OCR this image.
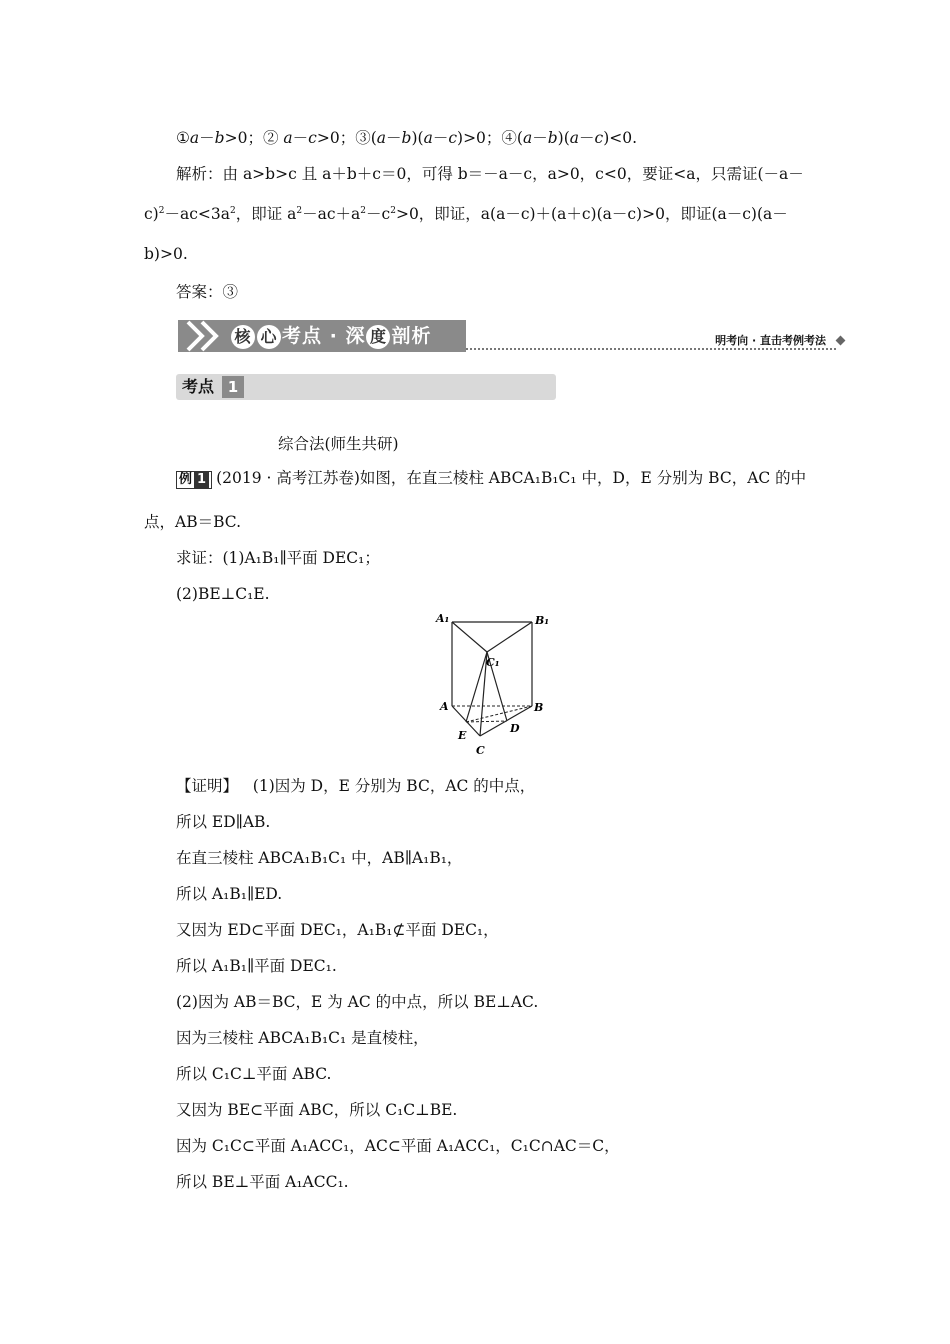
①a－b>0；② a－c>0；③(a－b)(a－c)>0；④(a－b)(a－c)<0.
解析：由 a>b>c 且 a＋b＋c＝0，可得 b＝－a－c，a>0，c<0，要证<a，只需证(－a－
$c)^2-ac<3a^2$，即证 $a^2-ac+a^2-c^2>0$，即证，a(a－c)＋(a＋c)(a－c)>0，即证(a－c)(a－
b)>0.
答案：③
核 心 考点 · 深 度 剖析	明考向 · 直击考例考法
考点 1
综合法(师生共研)
例 1 (2019 · 高考江苏卷)如图，在直三棱柱 ABCA₁B₁C₁ 中，D，E 分别为 BC，AC 的中
点，AB＝BC.
求证：(1)A₁B₁∥平面 DEC₁；
(2)BE⊥C₁E.
A₁	B₁
C₁
A	B
E
D
C
【证明】 (1)因为 D，E 分别为 BC，AC 的中点，
所以 ED∥AB.
在直三棱柱 ABCA₁B₁C₁ 中，AB∥A₁B₁，
所以 A₁B₁∥ED.
又因为 ED⊂平面 DEC₁，A₁B₁⊄平面 DEC₁，
所以 A₁B₁∥平面 DEC₁.
(2)因为 AB＝BC，E 为 AC 的中点，所以 BE⊥AC.
因为三棱柱 ABCA₁B₁C₁ 是直棱柱，
所以 C₁C⊥平面 ABC.
又因为 BE⊂平面 ABC，所以 C₁C⊥BE.
因为 C₁C⊂平面 A₁ACC₁，AC⊂平面 A₁ACC₁，C₁C∩AC＝C，
所以 BE⊥平面 A₁ACC₁.
